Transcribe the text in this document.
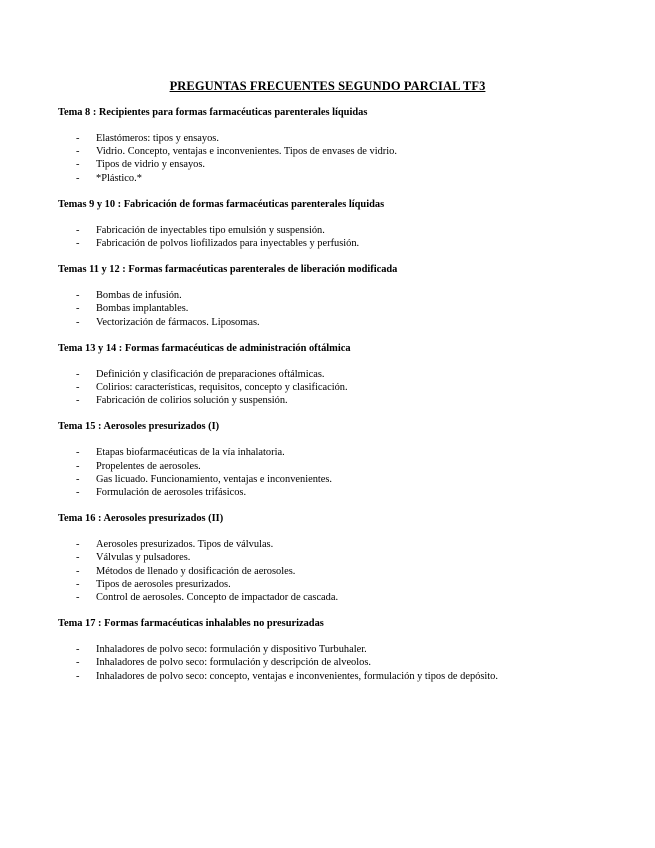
PREGUNTAS FRECUENTES SEGUNDO PARCIAL TF3
Tema 8 : Recipientes para formas farmacéuticas parenterales líquidas
- Elastómeros: tipos y ensayos.
- Vidrio. Concepto, ventajas e inconvenientes. Tipos de envases de vidrio.
- Tipos de vidrio y ensayos.
- *Plástico.*
Temas 9 y 10 : Fabricación de formas farmacéuticas parenterales líquidas
- Fabricación de inyectables tipo emulsión y suspensión.
- Fabricación de polvos liofilizados para inyectables y perfusión.
Temas 11 y 12 : Formas farmacéuticas parenterales de liberación modificada
- Bombas de infusión.
- Bombas implantables.
- Vectorización de fármacos. Liposomas.
Tema 13 y 14 : Formas farmacéuticas de administración oftálmica
- Definición y clasificación de preparaciones oftálmicas.
- Colirios: características, requisitos, concepto y clasificación.
- Fabricación de colirios solución y suspensión.
Tema 15 : Aerosoles presurizados (I)
- Etapas biofarmacéuticas de la vía inhalatoria.
- Propelentes de aerosoles.
- Gas licuado. Funcionamiento, ventajas e inconvenientes.
- Formulación de aerosoles trifásicos.
Tema 16 : Aerosoles presurizados (II)
- Aerosoles presurizados. Tipos de válvulas.
- Válvulas y pulsadores.
- Métodos de llenado y dosificación de aerosoles.
- Tipos de aerosoles presurizados.
- Control de aerosoles. Concepto de impactador de cascada.
Tema 17 : Formas farmacéuticas inhalables no presurizadas
- Inhaladores de polvo seco: formulación y dispositivo Turbuhaler.
- Inhaladores de polvo seco: formulación y descripción de alveolos.
- Inhaladores de polvo seco: concepto, ventajas e inconvenientes, formulación y tipos de depósito.
